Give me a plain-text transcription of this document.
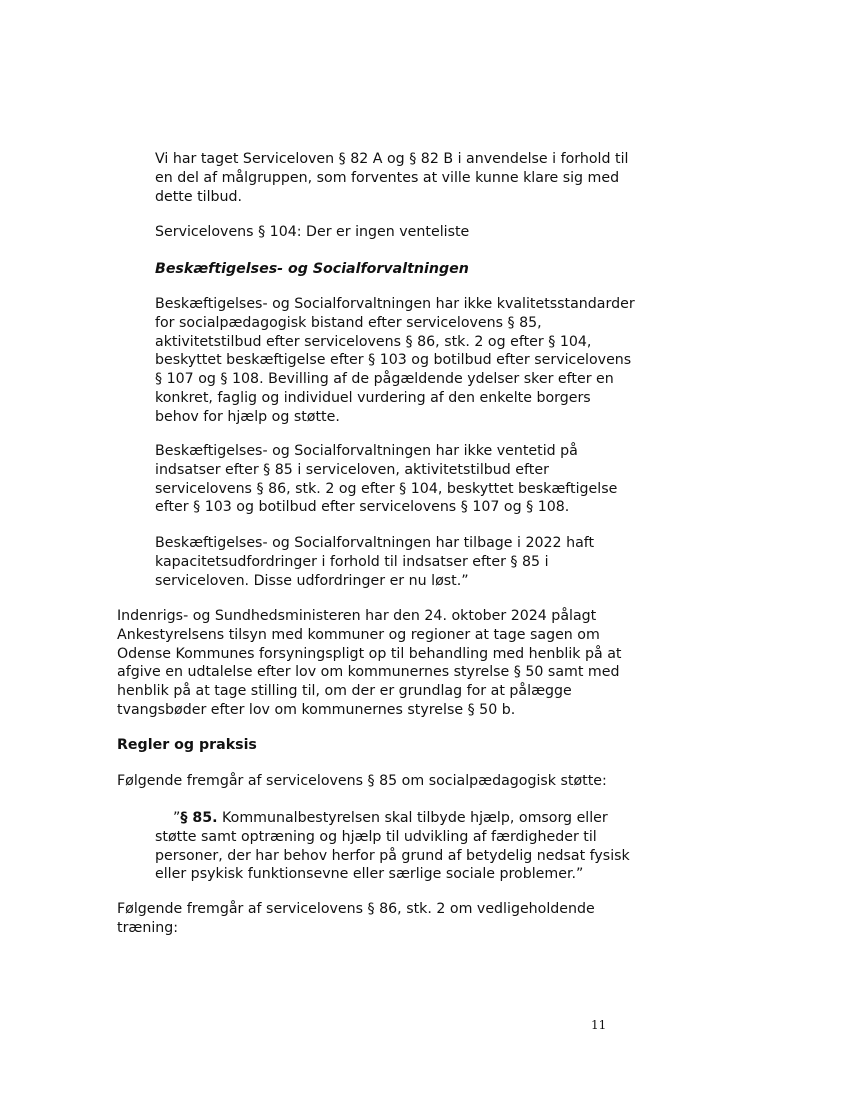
Vi har taget Serviceloven § 82 A og § 82 B i anvendelse i forhold til
en del af målgruppen, som forventes at ville kunne klare sig med
dette tilbud.
Servicelovens § 104: Der er ingen venteliste
Beskæftigelses- og Socialforvaltningen
Beskæftigelses- og Socialforvaltningen har ikke kvalitetsstandarder
for socialpædagogisk bistand efter servicelovens § 85,
aktivitetstilbud efter servicelovens § 86, stk. 2 og efter § 104,
beskyttet beskæftigelse efter § 103 og botilbud efter servicelovens
§ 107 og § 108. Bevilling af de pågældende ydelser sker efter en
konkret, faglig og individuel vurdering af den enkelte borgers
behov for hjælp og støtte.
Beskæftigelses- og Socialforvaltningen har ikke ventetid på
indsatser efter § 85 i serviceloven, aktivitetstilbud efter
servicelovens § 86, stk. 2 og efter § 104, beskyttet beskæftigelse
efter § 103 og botilbud efter servicelovens § 107 og § 108.
Beskæftigelses- og Socialforvaltningen har tilbage i 2022 haft
kapacitetsudfordringer i forhold til indsatser efter § 85 i
serviceloven. Disse udfordringer er nu løst.”
Indenrigs- og Sundhedsministeren har den 24. oktober 2024 pålagt
Ankestyrelsens tilsyn med kommuner og regioner at tage sagen om
Odense Kommunes forsyningspligt op til behandling med henblik på at
afgive en udtalelse efter lov om kommunernes styrelse § 50 samt med
henblik på at tage stilling til, om der er grundlag for at pålægge
tvangsbøder efter lov om kommunernes styrelse § 50 b.
Regler og praksis
Følgende fremgår af servicelovens § 85 om socialpædagogisk støtte:
”§ 85. Kommunalbestyrelsen skal tilbyde hjælp, omsorg eller
støtte samt optræning og hjælp til udvikling af færdigheder til
personer, der har behov herfor på grund af betydelig nedsat fysisk
eller psykisk funktionsevne eller særlige sociale problemer.”
Følgende fremgår af servicelovens § 86, stk. 2 om vedligeholdende
træning:
11
